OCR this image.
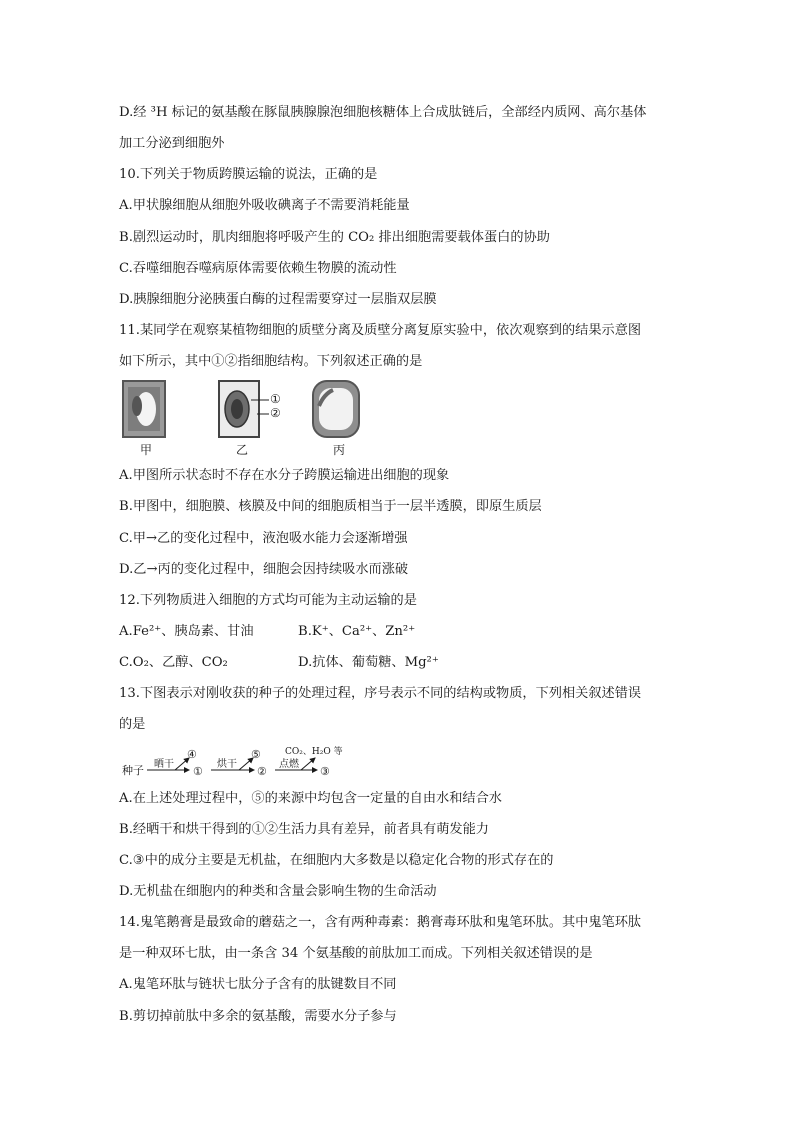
D.经 ³H 标记的氨基酸在豚鼠胰腺腺泡细胞核糖体上合成肽链后，全部经内质网、高尔基体
加工分泌到细胞外
10.下列关于物质跨膜运输的说法，正确的是
A.甲状腺细胞从细胞外吸收碘离子不需要消耗能量
B.剧烈运动时，肌肉细胞将呼吸产生的 CO₂ 排出细胞需要载体蛋白的协助
C.吞噬细胞吞噬病原体需要依赖生物膜的流动性
D.胰腺细胞分泌胰蛋白酶的过程需要穿过一层脂双层膜
11.某同学在观察某植物细胞的质壁分离及质壁分离复原实验中，依次观察到的结果示意图
如下所示，其中①②指细胞结构。下列叙述正确的是
甲	乙	丙
①
②
A.甲图所示状态时不存在水分子跨膜运输进出细胞的现象
B.甲图中，细胞膜、核膜及中间的细胞质相当于一层半透膜，即原生质层
C.甲→乙的变化过程中，液泡吸水能力会逐渐增强
D.乙→丙的变化过程中，细胞会因持续吸水而涨破
12.下列物质进入细胞的方式均可能为主动运输的是
A.Fe²⁺、胰岛素、甘油	B.K⁺、Ca²⁺、Zn²⁺
C.O₂、乙醇、CO₂	D.抗体、葡萄糖、Mg²⁺
13.下图表示对刚收获的种子的处理过程，序号表示不同的结构或物质，下列相关叙述错误
的是
种子 晒干
④
①
烘干
⑤
②
点燃
CO₂、H₂O 等
③
A.在上述处理过程中，⑤的来源中均包含一定量的自由水和结合水
B.经晒干和烘干得到的①②生活力具有差异，前者具有萌发能力
C.③中的成分主要是无机盐，在细胞内大多数是以稳定化合物的形式存在的
D.无机盐在细胞内的种类和含量会影响生物的生命活动
14.鬼笔鹅膏是最致命的蘑菇之一，含有两种毒素：鹅膏毒环肽和鬼笔环肽。其中鬼笔环肽
是一种双环七肽，由一条含 34 个氨基酸的前肽加工而成。下列相关叙述错误的是
A.鬼笔环肽与链状七肽分子含有的肽键数目不同
B.剪切掉前肽中多余的氨基酸，需要水分子参与
